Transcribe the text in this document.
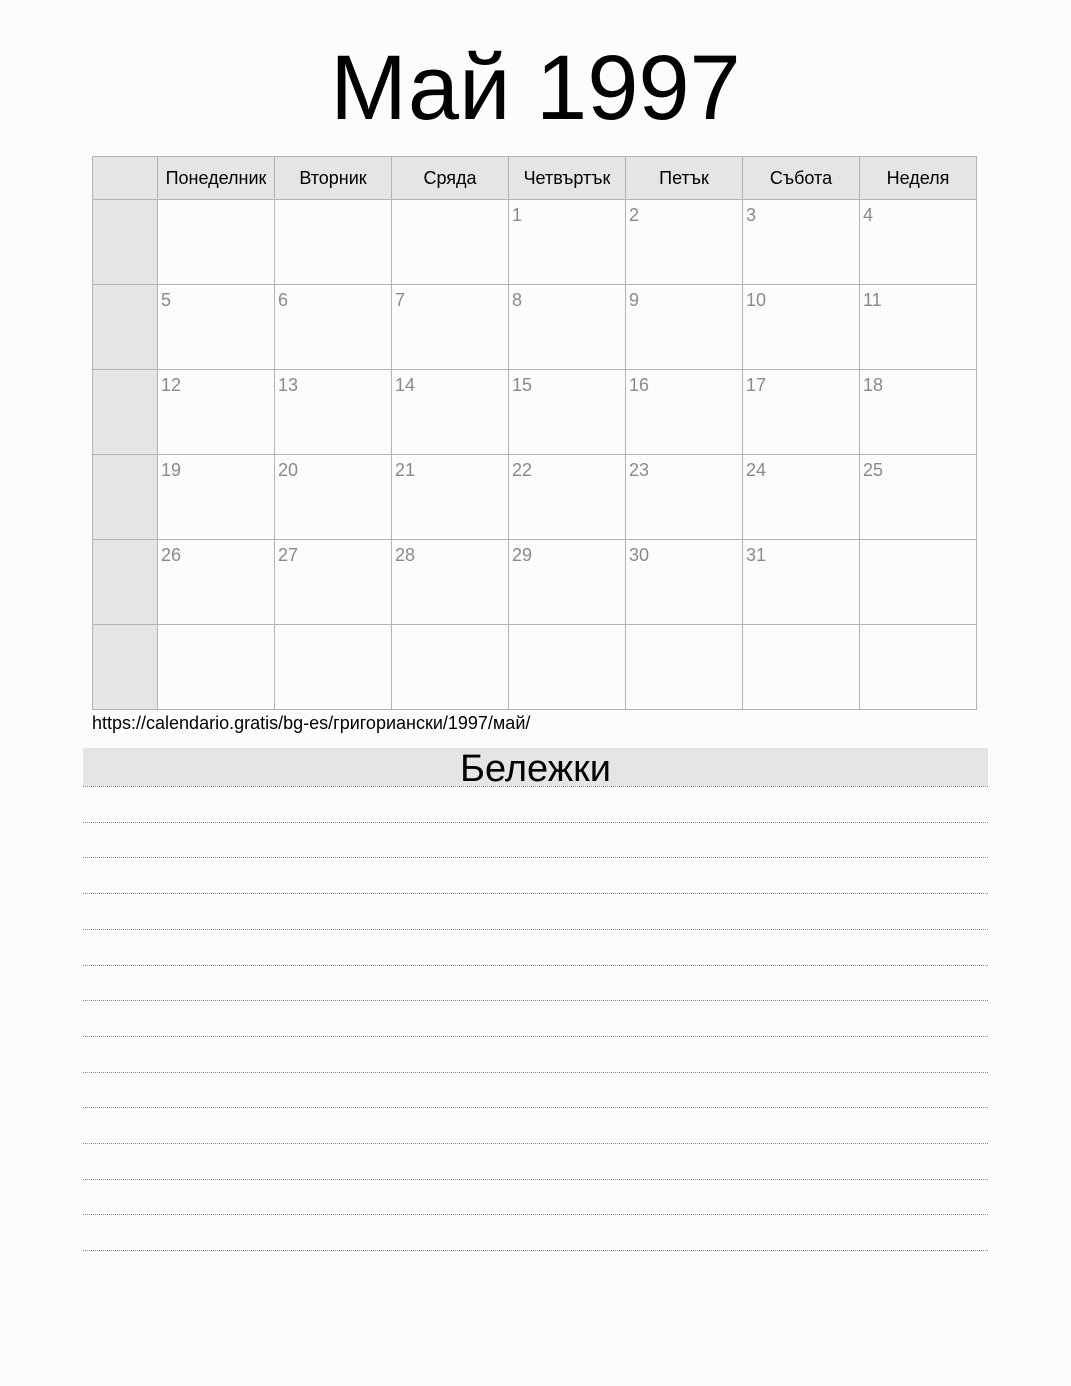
Май 1997
	Понеделник	Вторник	Сряда	Четвъртък	Петък	Събота	Неделя

				1	2	3	4

	5	6	7	8	9	10	11

	12	13	14	15	16	17	18

	19	20	21	22	23	24	25

	26	27	28	29	30	31	

https://calendario.gratis/bg-es/григориански/1997/май/
Бележки
